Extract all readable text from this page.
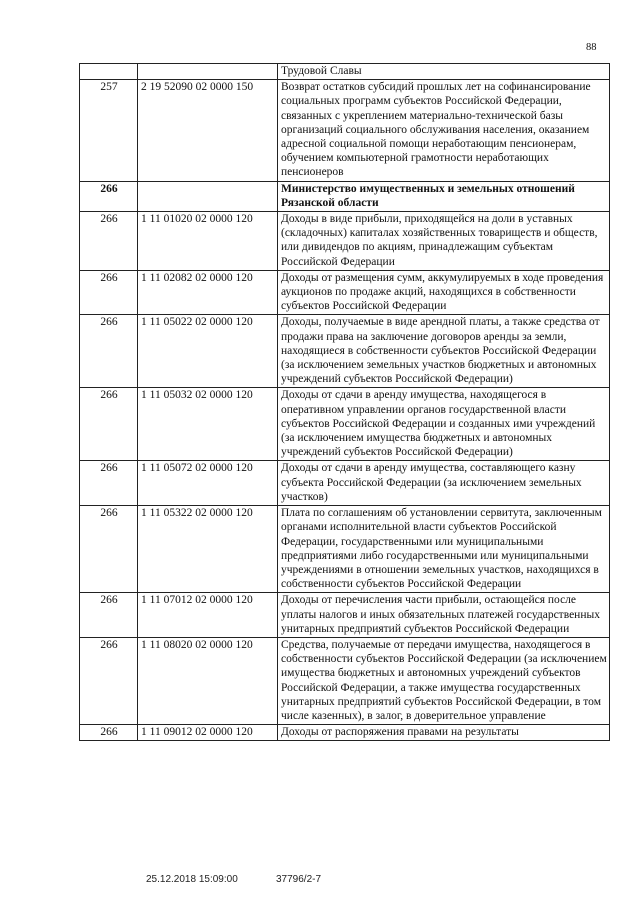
88
		Трудовой Славы
257	2 19 52090 02 0000 150	Возврат остатков субсидий прошлых лет на софинансирование социальных программ субъектов Российской Федерации, связанных с укреплением материально-технической базы организаций социального обслуживания населения, оказанием адресной социальной помощи неработающим пенсионерам, обучением компьютерной грамотности неработающих пенсионеров
266		Министерство имущественных и земельных отношений Рязанской области
266	1 11 01020 02 0000 120	Доходы в виде прибыли, приходящейся на доли в уставных (складочных) капиталах хозяйственных товариществ и обществ, или дивидендов по акциям, принадлежащим субъектам Российской Федерации
266	1 11 02082 02 0000 120	Доходы от размещения сумм, аккумулируемых в ходе проведения аукционов по продаже акций, находящихся в собственности субъектов Российской Федерации
266	1 11 05022 02 0000 120	Доходы, получаемые в виде арендной платы, а также средства от продажи права на заключение договоров аренды за земли, находящиеся в собственности субъектов Российской Федерации (за исключением земельных участков бюджетных и автономных учреждений субъектов Российской Федерации)
266	1 11 05032 02 0000 120	Доходы от сдачи в аренду имущества, находящегося в оперативном управлении органов государственной власти субъектов Российской Федерации и созданных ими учреждений (за исключением имущества бюджетных и автономных учреждений субъектов Российской Федерации)
266	1 11 05072 02 0000 120	Доходы от сдачи в аренду имущества, составляющего казну субъекта Российской Федерации (за исключением земельных участков)
266	1 11 05322 02 0000 120	Плата по соглашениям об установлении сервитута, заключенным органами исполнительной власти субъектов Российской Федерации, государственными или муниципальными предприятиями либо государственными или муниципальными учреждениями в отношении земельных участков, находящихся в собственности субъектов Российской Федерации
266	1 11 07012 02 0000 120	Доходы от перечисления части прибыли, остающейся после уплаты налогов и иных обязательных платежей государственных унитарных предприятий субъектов Российской Федерации
266	1 11 08020 02 0000 120	Средства, получаемые от передачи имущества, находящегося в собственности субъектов Российской Федерации (за исключением имущества бюджетных и автономных учреждений субъектов Российской Федерации, а также имущества государственных унитарных предприятий субъектов Российской Федерации, в том числе казенных), в залог, в доверительное управление
266	1 11 09012 02 0000 120	Доходы от распоряжения правами на результаты
25.12.2018 15:09:00	37796/2-7
